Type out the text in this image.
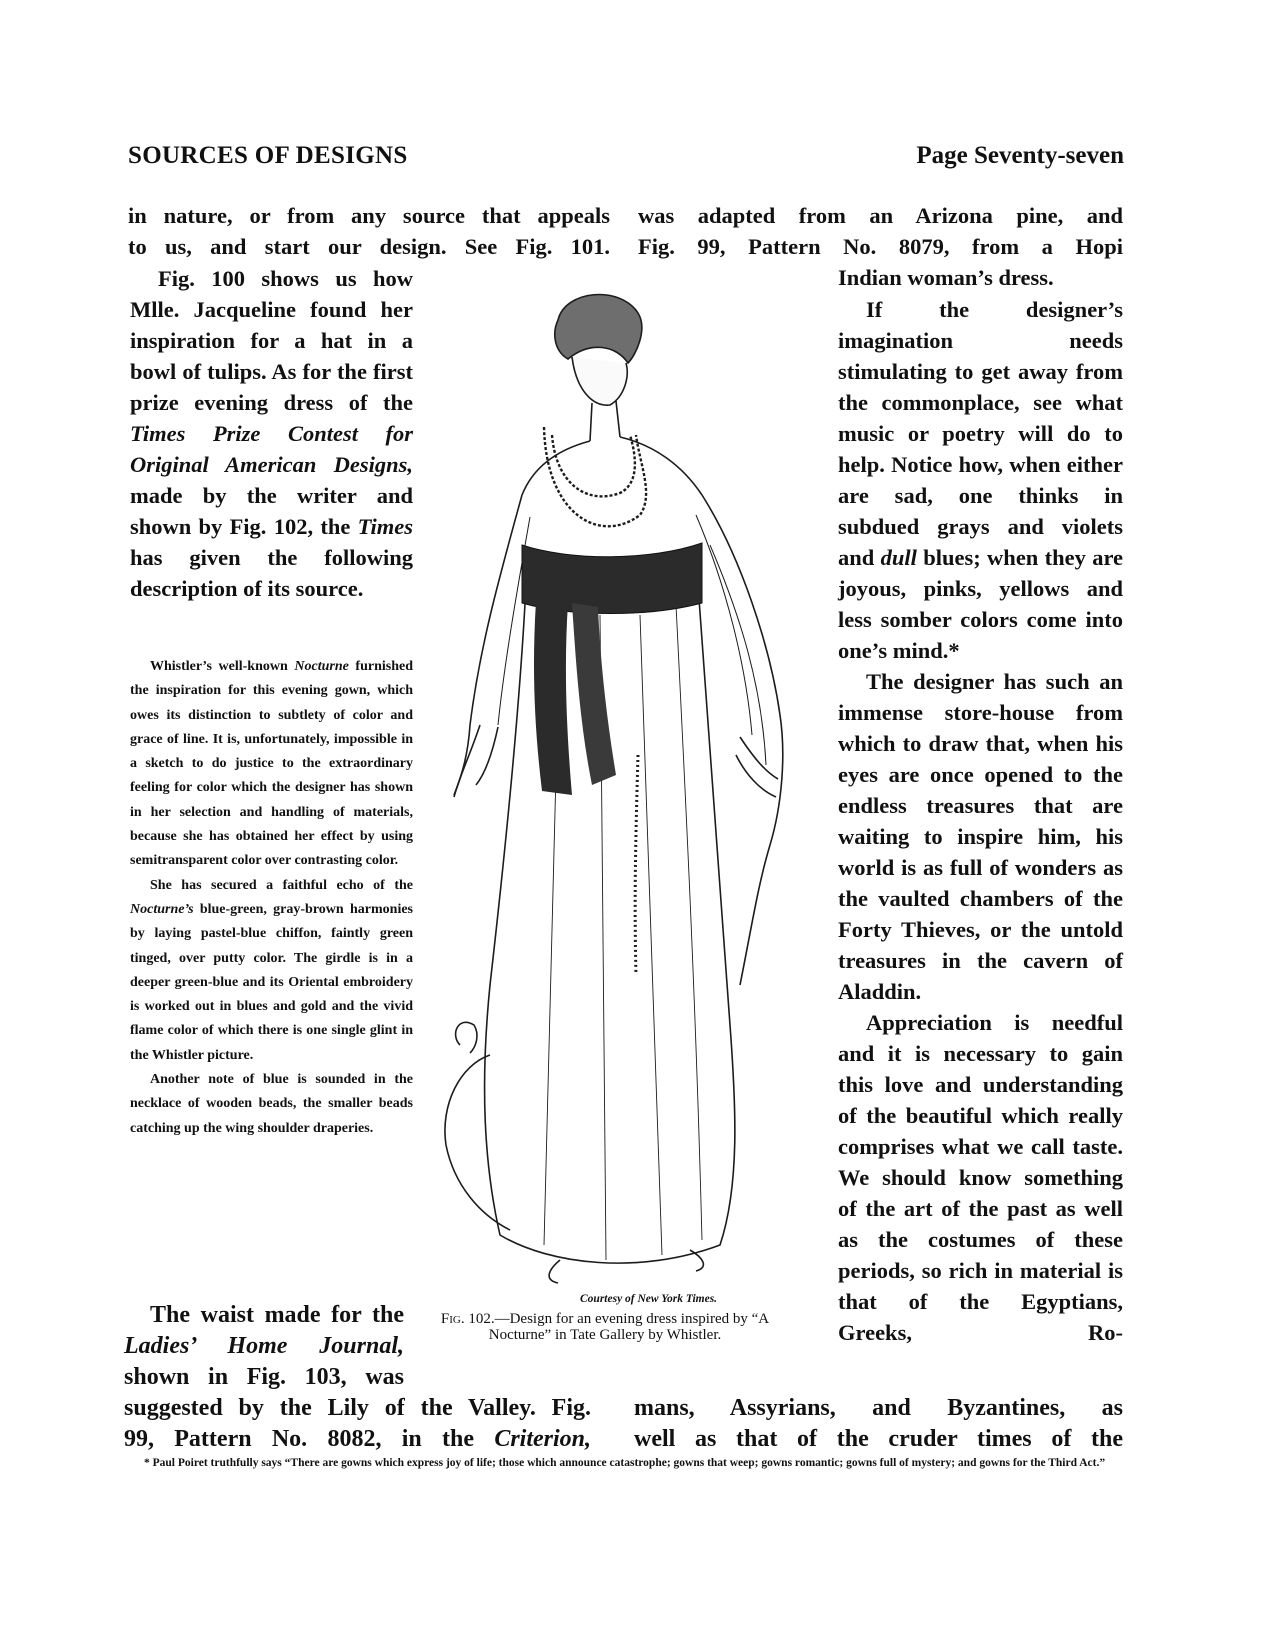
SOURCES OF DESIGNS	Page Seventy-seven
in nature, or from any source that appeals
to us, and start our design. See Fig. 101.
was adapted from an Arizona pine, and
Fig. 99, Pattern No. 8079, from a Hopi
Indian woman’s dress.
Fig. 100 shows us how Mlle. Jacqueline found her inspiration for a hat in a bowl of tulips. As for the first prize evening dress of the Times Prize Contest for Original American Designs, made by the writer and shown by Fig. 102, the Times has given the following description of its source.

Whistler’s well-known Nocturne furnished the inspiration for this evening gown, which owes its distinction to subtlety of color and grace of line. It is, unfortunately, impossible in a sketch to do justice to the extraordinary feeling for color which the designer has shown in her selection and handling of materials, because she has obtained her effect by using semitransparent color over contrasting color.

She has secured a faithful echo of the Nocturne’s blue-green, gray-brown harmonies by laying pastel-blue chiffon, faintly green tinged, over putty color. The girdle is in a deeper green-blue and its Oriental embroidery is worked out in blues and gold and the vivid flame color of which there is one single glint in the Whistler picture.

Another note of blue is sounded in the necklace of wooden beads, the smaller beads catching up the wing shoulder draperies.

If the designer’s imagination needs stimulating to get away from the commonplace, see what music or poetry will do to help. Notice how, when either are sad, one thinks in subdued grays and violets and dull blues; when they are joyous, pinks, yellows and less somber colors come into one’s mind.*
The designer has such an immense store-house from which to draw that, when his eyes are once opened to the endless treasures that are waiting to inspire him, his world is as full of wonders as the vaulted chambers of the Forty Thieves, or the untold treasures in the cavern of Aladdin.
Appreciation is needful and it is necessary to gain this love and understanding of the beautiful which really comprises what we call taste. We should know something of the art of the past as well as the costumes of these periods, so rich in material is that of the Egyptians, Greeks, Ro-
Courtesy of New York Times.
Fig. 102.—Design for an evening dress inspired by “A Nocturne” in Tate Gallery by Whistler.
The waist made for the
Ladies’ Home Journal,
shown in Fig. 103, was
suggested by the Lily of the Valley. Fig.
99, Pattern No. 8082, in the Criterion,
mans, Assyrians, and Byzantines, as
well as that of the cruder times of the
* Paul Poiret truthfully says “There are gowns which express joy of life; those which announce catastrophe; gowns that weep; gowns romantic; gowns full of mystery; and gowns for the Third Act.”
